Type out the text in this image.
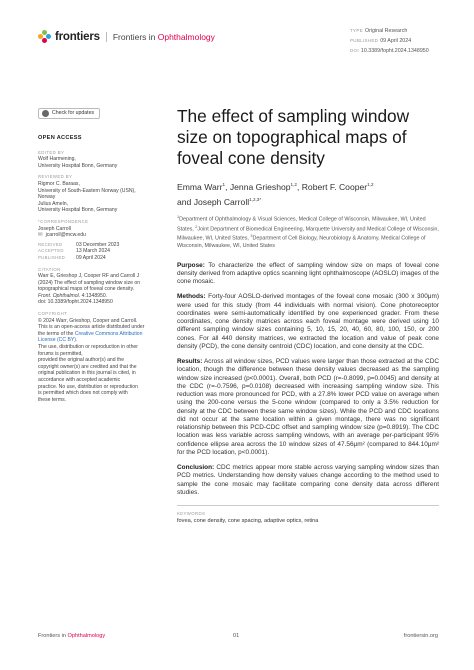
frontiers	Frontiers in Ophthalmology
TYPE Original Research
PUBLISHED 09 April 2024
DOI 10.3389/fopht.2024.1348950
Check for updates
OPEN ACCESS
EDITED BY
Wolf Harmening,
University Hospital Bonn, Germany
REVIEWED BY
Rigmor C. Baraas,
University of South-Eastern Norway (USN),
Norway
Julius Ameln,
University Hospital Bonn, Germany
*CORRESPONDENCE
Joseph Carroll
✉ jcarroll@mcw.edu
RECEIVED	03 December 2023
ACCEPTED	13 March 2024
PUBLISHED	09 April 2024
CITATION
Warr E, Grieshop J, Cooper RF and Carroll J
(2024) The effect of sampling window size on
topographical maps of foveal cone density.
Front. Ophthalmol. 4:1348950.
doi: 10.3389/fopht.2024.1348950
COPYRIGHT
© 2024 Warr, Grieshop, Cooper and Carroll.
This is an open-access article distributed under
the terms of the Creative Commons Attribution License (CC BY).
The use, distribution or reproduction in other forums is permitted,
provided the original author(s) and the
copyright owner(s) are credited and that the
original publication in this journal is cited, in
accordance with accepted academic
practice. No use, distribution or reproduction
is permitted which does not comply with
these terms.
The effect of sampling window size on topographical maps of foveal cone density
Emma Warr$^1$, Jenna Grieshop$^{1,2}$, Robert F. Cooper$^{1,2}$
and Joseph Carroll$^{1,2,3*}$
$^1$Department of Ophthalmology & Visual Sciences, Medical College of Wisconsin, Milwaukee, WI, United States, $^2$Joint Department of Biomedical Engineering, Marquette University and Medical College of Wisconsin, Milwaukee, WI, United States, $^3$Department of Cell Biology, Neurobiology & Anatomy, Medical College of Wisconsin, Milwaukee, WI, United States

Purpose: To characterize the effect of sampling window size on maps of foveal cone density derived from adaptive optics scanning light ophthalmoscope (AOSLO) images of the cone mosaic.

Methods: Forty-four AOSLO-derived montages of the foveal cone mosaic (300 x 300μm) were used for this study (from 44 individuals with normal vision). Cone photoreceptor coordinates were semi-automatically identified by one experienced grader. From these coordinates, cone density matrices across each foveal montage were derived using 10 different sampling window sizes containing 5, 10, 15, 20, 40, 60, 80, 100, 150, or 200 cones. For all 440 density matrices, we extracted the location and value of peak cone density (PCD), the cone density centroid (CDC) location, and cone density at the CDC.

Results: Across all window sizes, PCD values were larger than those extracted at the CDC location, though the difference between these density values decreased as the sampling window size increased (p<0.0001). Overall, both PCD (r=-0.8099, p=0.0045) and density at the CDC (r=-0.7596, p=0.0108) decreased with increasing sampling window size. This reduction was more pronounced for PCD, with a 27.8% lower PCD value on average when using the 200-cone versus the 5-cone window (compared to only a 3.5% reduction for density at the CDC between these same window sizes). While the PCD and CDC locations did not occur at the same location within a given montage, there was no significant relationship between this PCD-CDC offset and sampling window size (p=0.8919). The CDC location was less variable across sampling windows, with an average per-participant 95% confidence ellipse area across the 10 window sizes of 47.56μm² (compared to 844.10μm² for the PCD location, p<0.0001).

Conclusion: CDC metrics appear more stable across varying sampling window sizes than PCD metrics. Understanding how density values change according to the method used to sample the cone mosaic may facilitate comparing cone density data across different studies.

KEYWORDS
fovea, cone density, cone spacing, adaptive optics, retina
Frontiers in Ophthalmology	01	frontiersin.org
